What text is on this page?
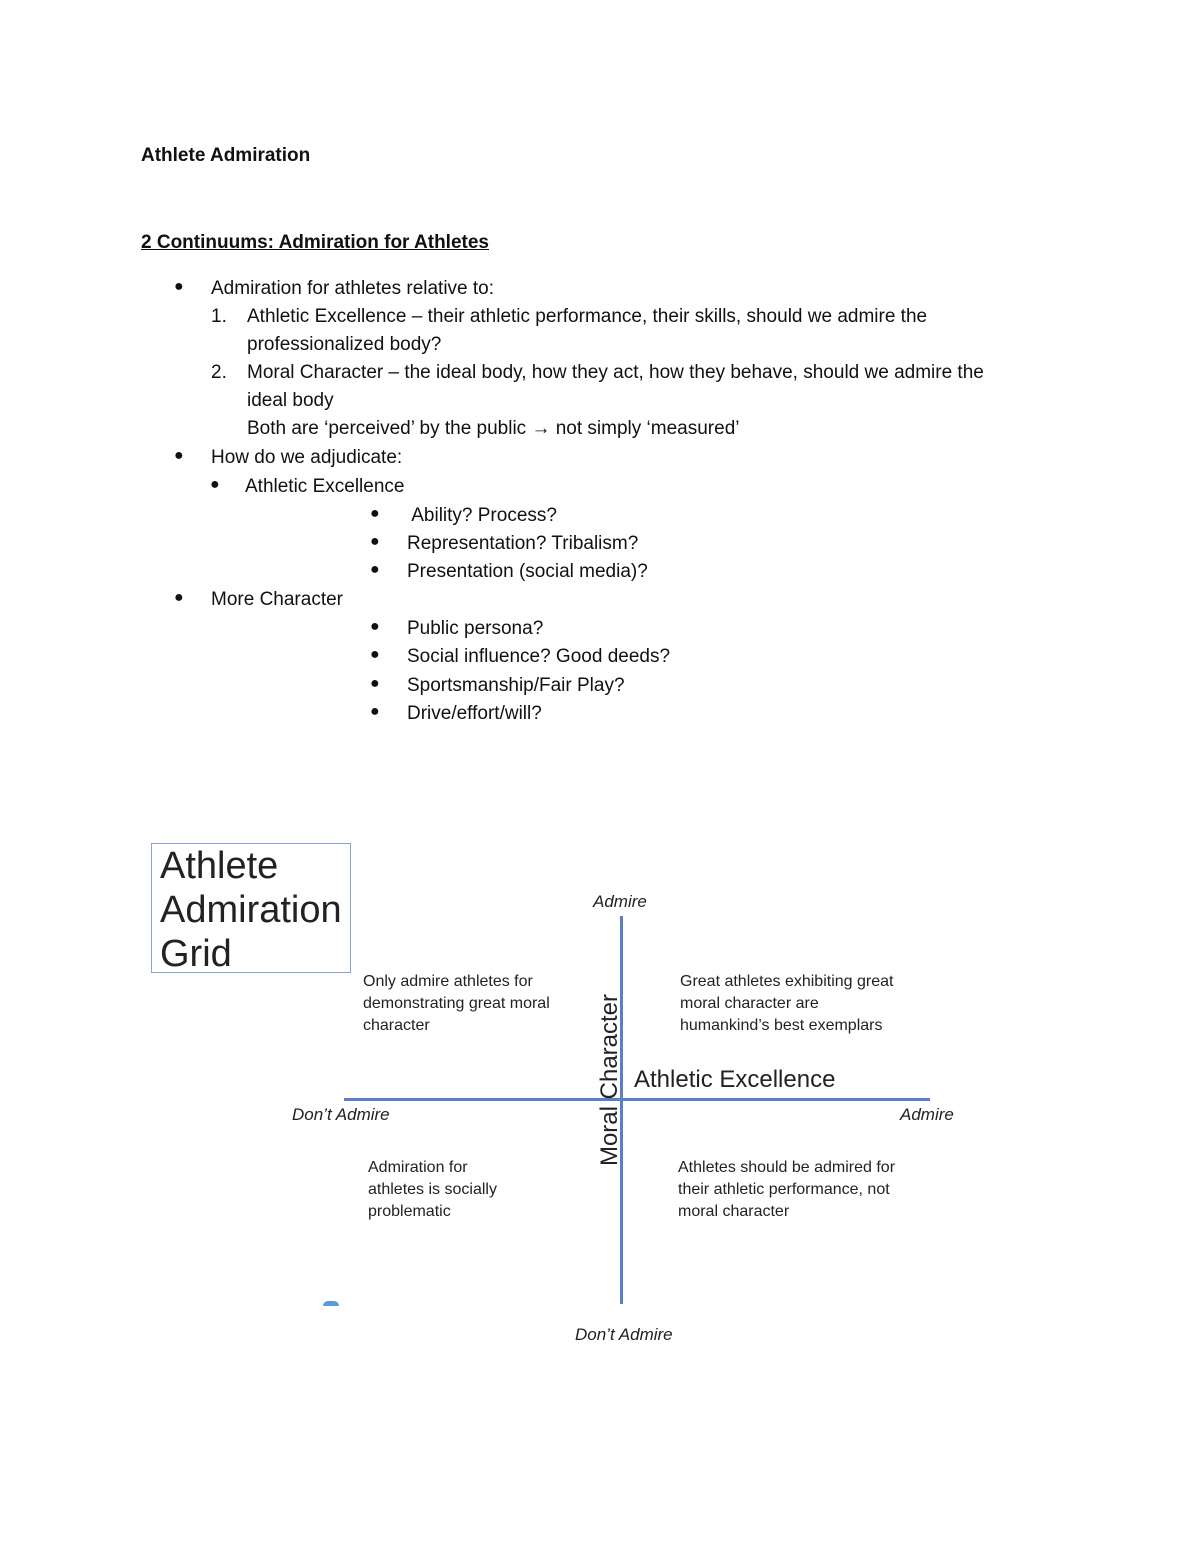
Athlete Admiration
2 Continuums: Admiration for Athletes
● Admiration for athletes relative to:
1. Athletic Excellence – their athletic performance, their skills, should we admire the
professionalized body?
2. Moral Character – the ideal body, how they act, how they behave, should we admire the
ideal body
Both are ‘perceived’ by the public → not simply ‘measured’
● How do we adjudicate:
● Athletic Excellence
● Ability? Process?
● Representation? Tribalism?
● Presentation (social media)?
● More Character
● Public persona?
● Social influence? Good deeds?
● Sportsmanship/Fair Play?
● Drive/effort/will?
Athlete Admiration Grid
Admire
Don’t Admire
Don’t Admire	Admire
Athletic Excellence
Moral Character
Only admire athletes for demonstrating great moral character
Great athletes exhibiting great moral character are humankind’s best exemplars
Admiration for athletes is socially problematic
Athletes should be admired for their athletic performance, not moral character
